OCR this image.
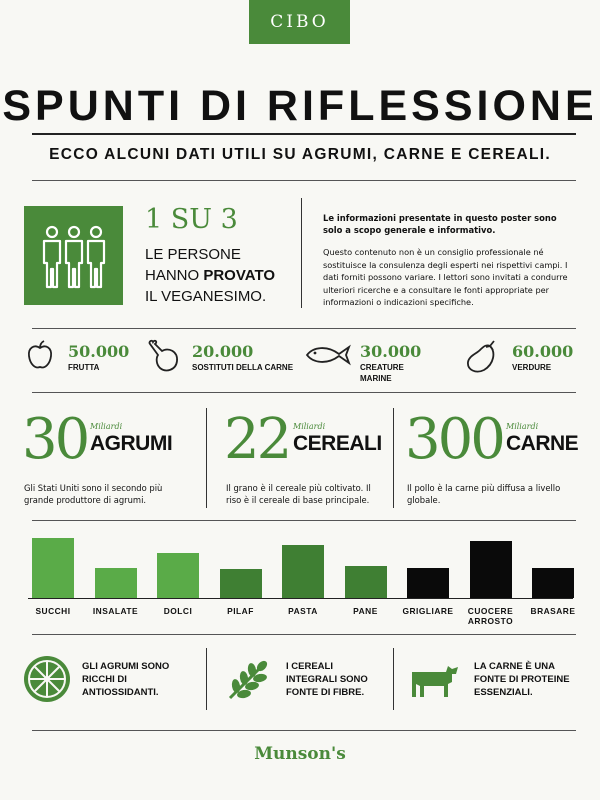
CIBO
SPUNTI DI RIFLESSIONE
ECCO ALCUNI DATI UTILI SU AGRUMI, CARNE E CEREALI.
1 SU 3
LE PERSONE
HANNO PROVATO
IL VEGANESIMO.
Le informazioni presentate in questo poster sono solo a scopo generale e informativo.
Questo contenuto non è un consiglio professionale né sostituisce la consulenza degli esperti nei rispettivi campi. I dati forniti possono variare. I lettori sono invitati a condurre ulteriori ricerche e a consultare le fonti appropriate per informazioni o indicazioni specifiche.
50.000
FRUTTA
20.000
SOSTITUTI DELLA CARNE
30.000
CREATURE MARINE
60.000
VERDURE
30 Miliardi
AGRUMI
Gli Stati Uniti sono il secondo più grande produttore di agrumi.
22 Miliardi
CEREALI
Il grano è il cereale più coltivato. Il riso è il cereale di base principale.
300 Miliardi
CARNE
Il pollo è la carne più diffusa a livello globale.
SUCCHI	INSALATE	DOLCI	PILAF	PASTA	PANE	GRIGLIARE	CUOCERE ARROSTO
BRASARE
GLI AGRUMI SONO RICCHI DI ANTIOSSIDANTI.
I CEREALI INTEGRALI SONO FONTE DI FIBRE.
LA CARNE È UNA FONTE DI PROTEINE ESSENZIALI.
Munson's
